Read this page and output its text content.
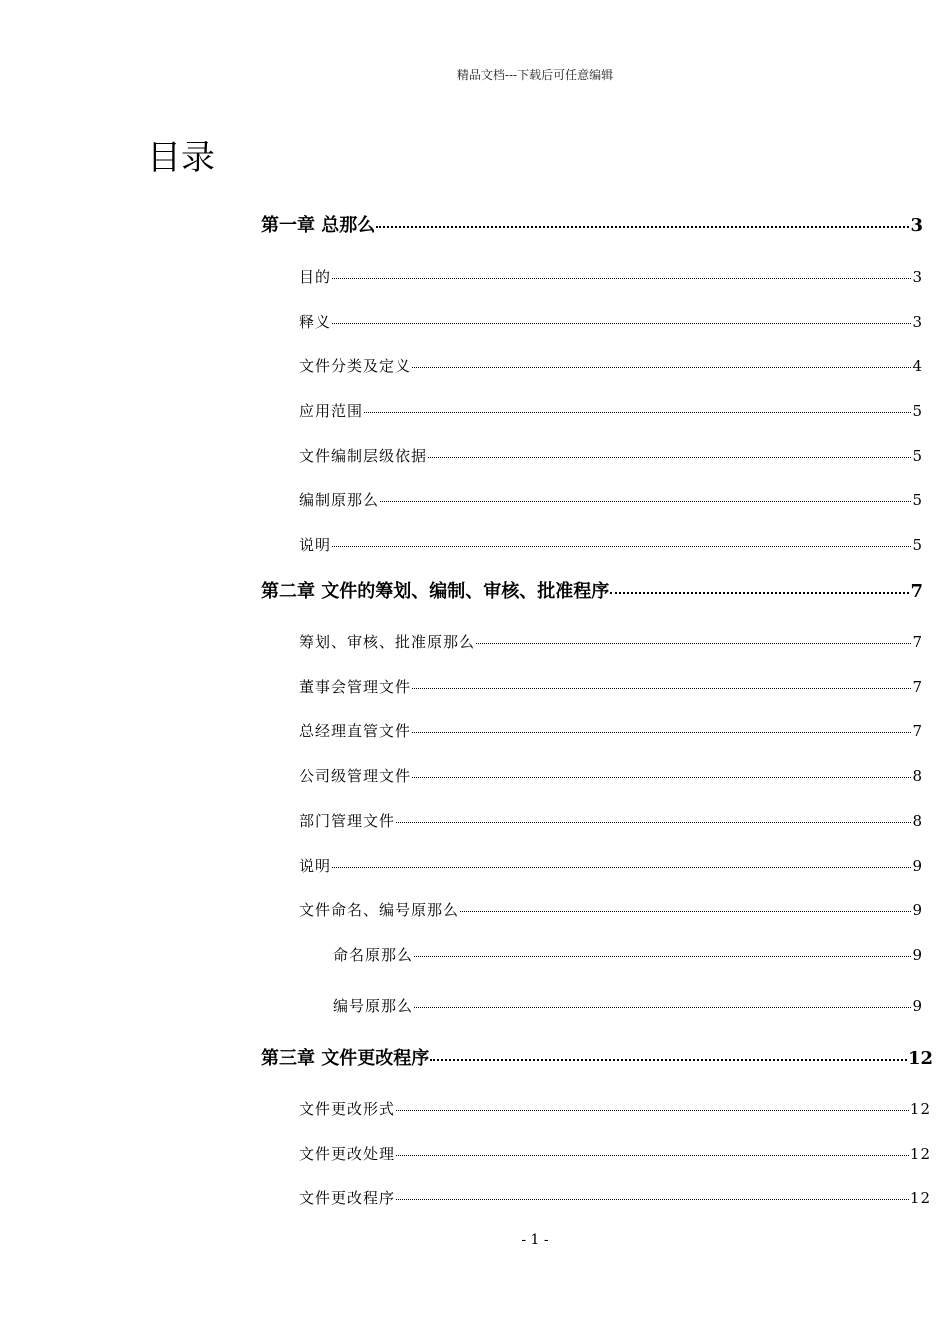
精品文档---下载后可任意编辑
目录
第一章 总那么	3
目的	3
释义	3
文件分类及定义	4
应用范围	5
文件编制层级依据	5
编制原那么	5
说明	5
第二章 文件的筹划、编制、审核、批准程序	7
筹划、审核、批准原那么	7
董事会管理文件	7
总经理直管文件	7
公司级管理文件	8
部门管理文件	8
说明	9
文件命名、编号原那么	9
命名原那么	9
编号原那么	9
第三章 文件更改程序	12
文件更改形式	12
文件更改处理	12
文件更改程序	12
- 1 -
